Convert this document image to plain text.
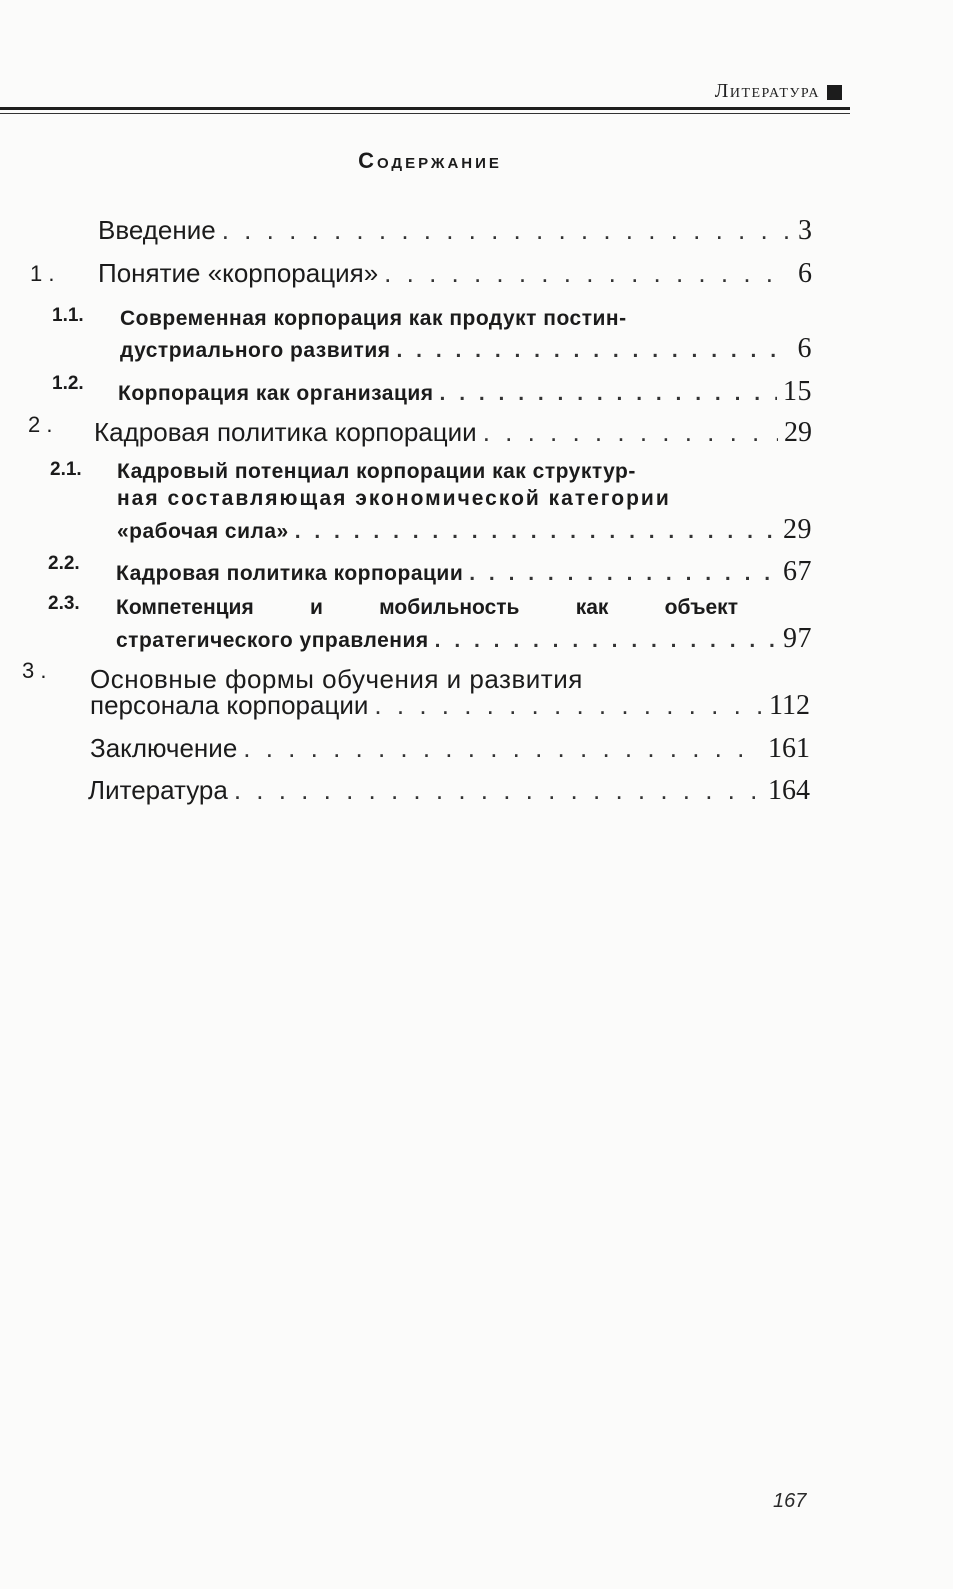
Литература
Содержание
Введение . . .	3
1 . Понятие «корпорация» . . .	6
1.1. Современная корпорация как продукт постин-
дустриального развития . . .	6
1.2. Корпорация как организация . . .	15
2 . Кадровая политика корпорации . . .	29
2.1. Кадровый потенциал корпорации как структур-
ная составляющая экономической категории
«рабочая сила» . . .	29
2.2. Кадровая политика корпорации . . .	67
2.3. Компетенция	и	мобильность	как	объект
стратегического управления . . .	97
3 . Основные формы обучения и развития
персонала корпорации . . .	112
Заключение . . .	161
Литература . . .	164
167
